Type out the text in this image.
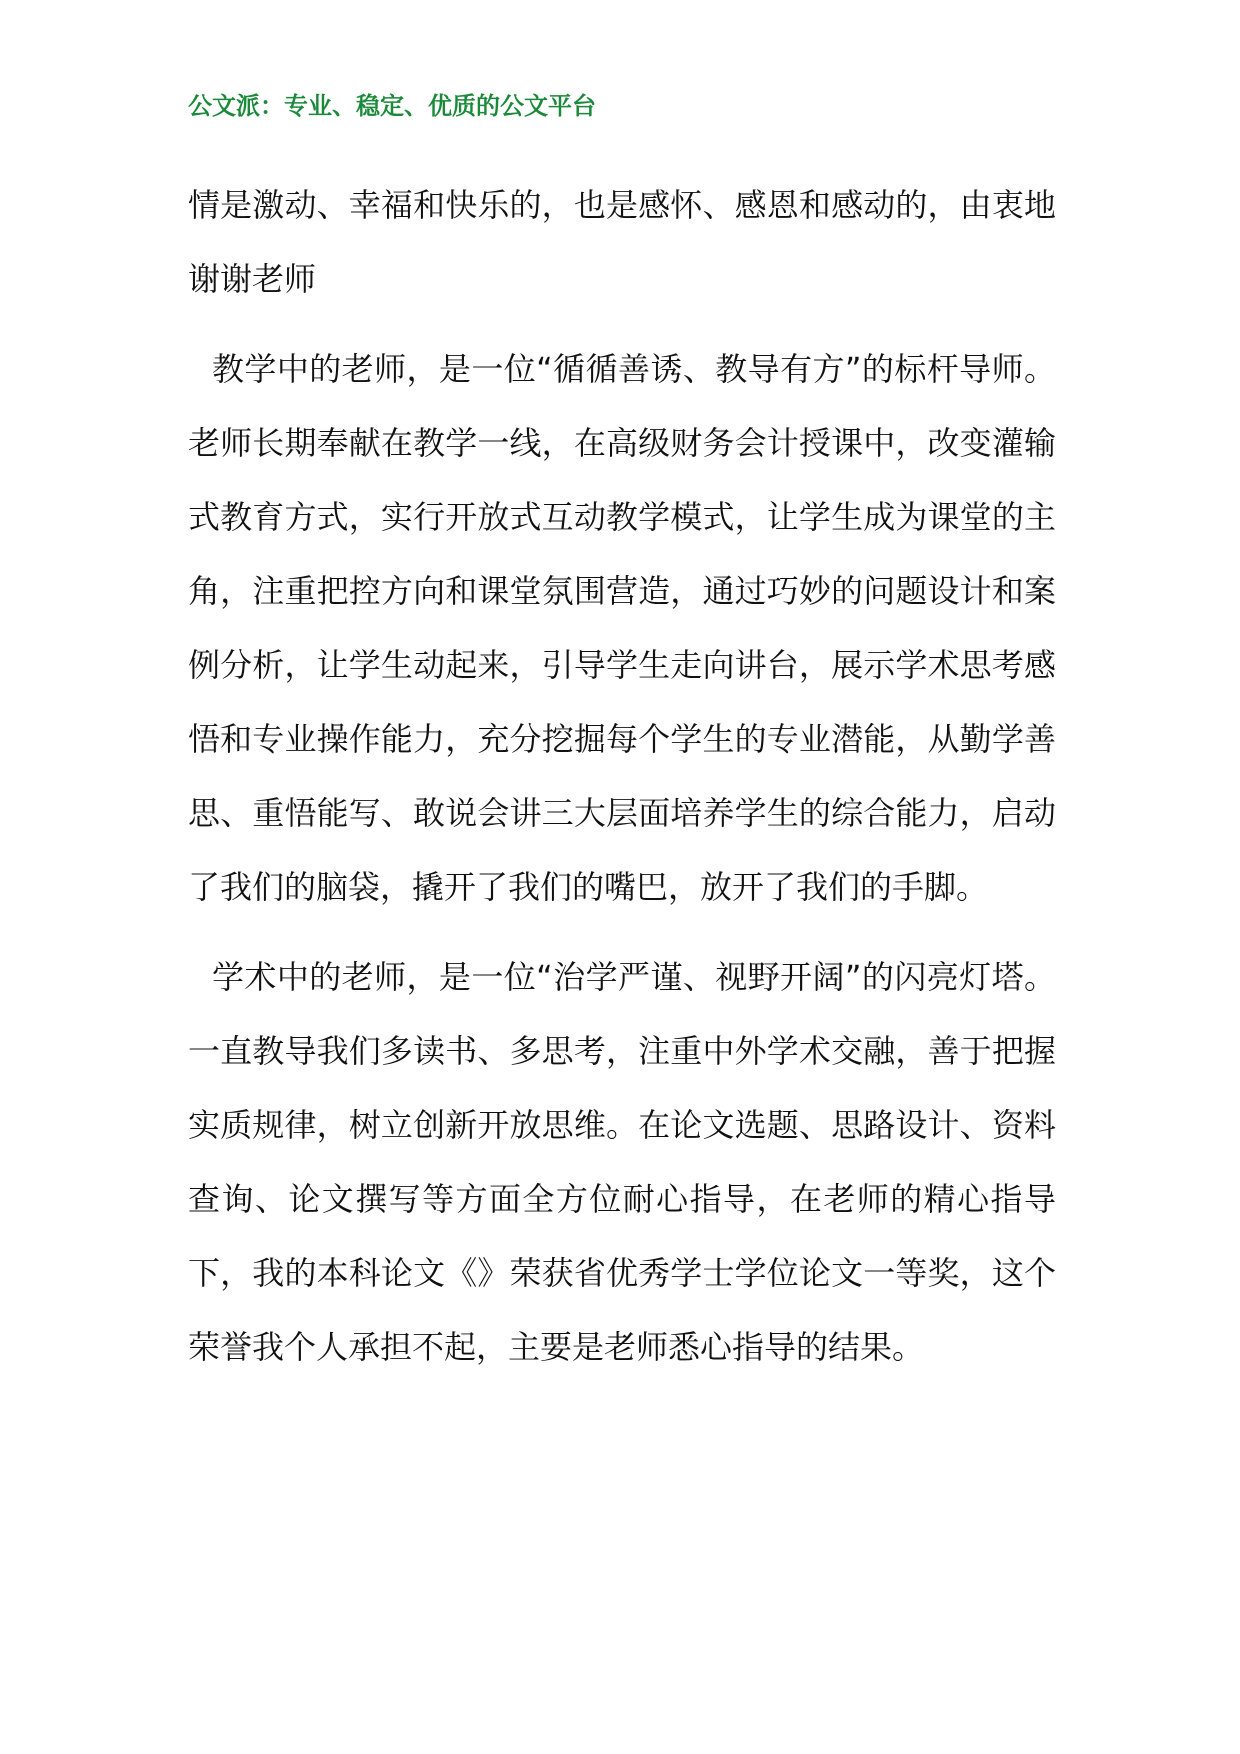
公文派：专业、稳定、优质的公文平台

情是激动、幸福和快乐的，也是感怀、感恩和感动的，由衷地谢谢老师

教学中的老师，是一位“循循善诱、教导有方”的标杆导师。老师长期奉献在教学一线，在高级财务会计授课中，改变灌输式教育方式，实行开放式互动教学模式，让学生成为课堂的主角，注重把控方向和课堂氛围营造，通过巧妙的问题设计和案例分析，让学生动起来，引导学生走向讲台，展示学术思考感悟和专业操作能力，充分挖掘每个学生的专业潜能，从勤学善思、重悟能写、敢说会讲三大层面培养学生的综合能力，启动了我们的脑袋，撬开了我们的嘴巴，放开了我们的手脚。

学术中的老师，是一位“治学严谨、视野开阔”的闪亮灯塔。一直教导我们多读书、多思考，注重中外学术交融，善于把握实质规律，树立创新开放思维。在论文选题、思路设计、资料查询、论文撰写等方面全方位耐心指导，在老师的精心指导下，我的本科论文《》荣获省优秀学士学位论文一等奖，这个荣誉我个人承担不起，主要是老师悉心指导的结果。
